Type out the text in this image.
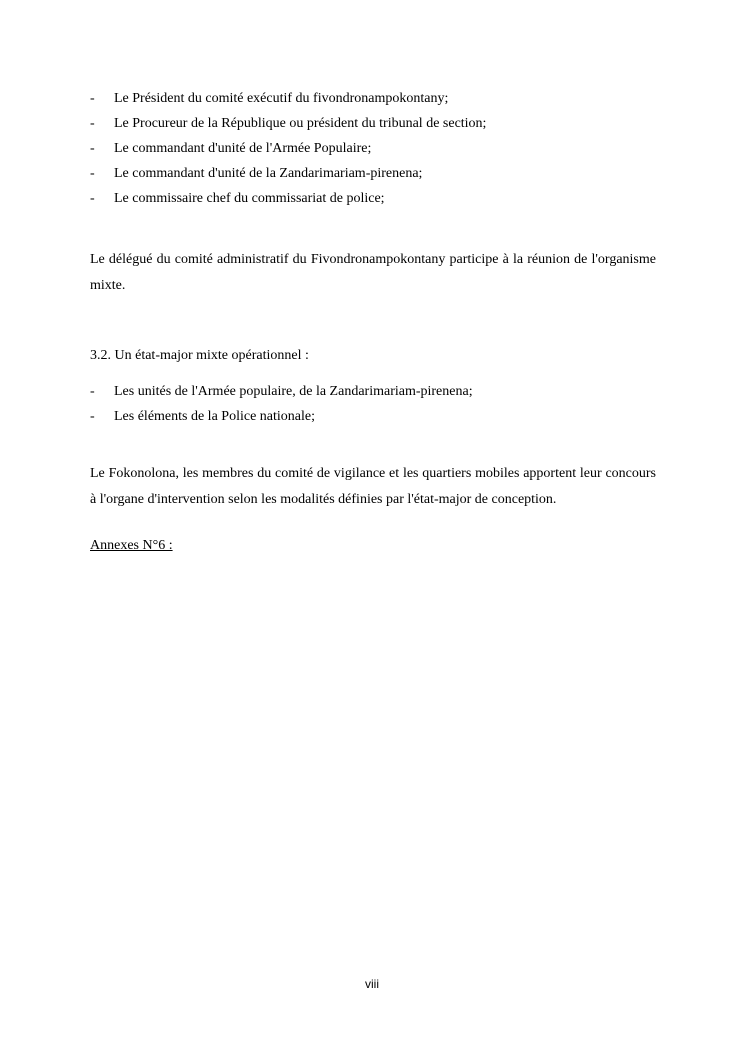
-	Le Président du comité exécutif du fivondronampokontany;
-	Le Procureur de la République ou président du tribunal de section;
-	Le commandant d'unité de l'Armée Populaire;
-	Le commandant d'unité de la Zandarimariam-pirenena;
-	Le commissaire chef du commissariat de police;

Le délégué du comité administratif du Fivondronampokontany participe à la réunion de l'organisme mixte.

3.2. Un état-major mixte opérationnel :
-	Les unités de l'Armée populaire, de la Zandarimariam-pirenena;
-	Les éléments de la Police nationale;

Le Fokonolona, les membres du comité de vigilance et les quartiers mobiles apportent leur concours à l'organe d'intervention selon les modalités définies par l'état-major de conception.

Annexes N°6 :
viii
